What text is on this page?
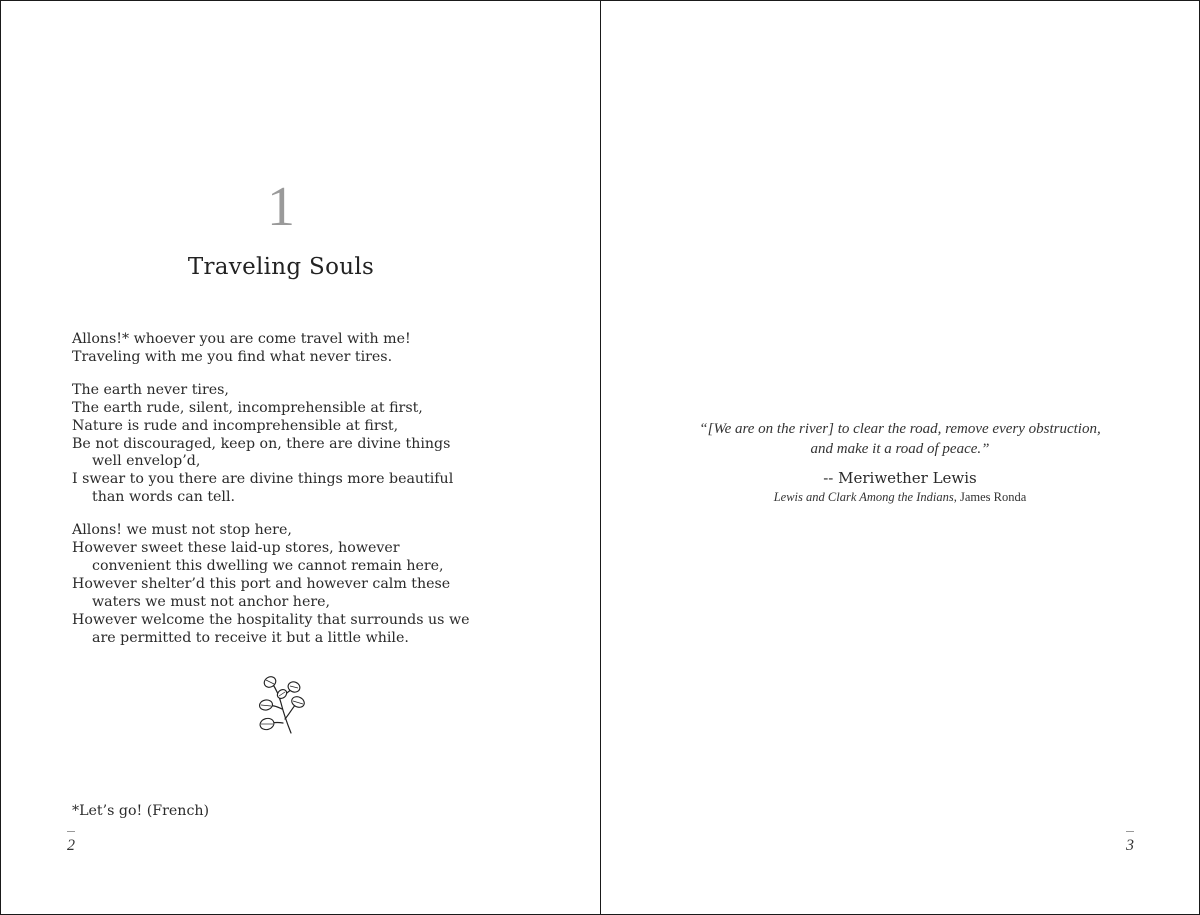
1
Traveling Souls
Allons!* whoever you are come travel with me!
Traveling with me you find what never tires.
The earth never tires,
The earth rude, silent, incomprehensible at first,
Nature is rude and incomprehensible at first,
Be not discouraged, keep on, there are divine things
well envelop’d,
I swear to you there are divine things more beautiful
than words can tell.
Allons! we must not stop here,
However sweet these laid-up stores, however
convenient this dwelling we cannot remain here,
However shelter’d this port and however calm these
waters we must not anchor here,
However welcome the hospitality that surrounds us we
are permitted to receive it but a little while.
*Let’s go! (French)
2
“[We are on the river] to clear the road, remove every obstruction,
and make it a road of peace.”
-- Meriwether Lewis
Lewis and Clark Among the Indians, James Ronda
3
